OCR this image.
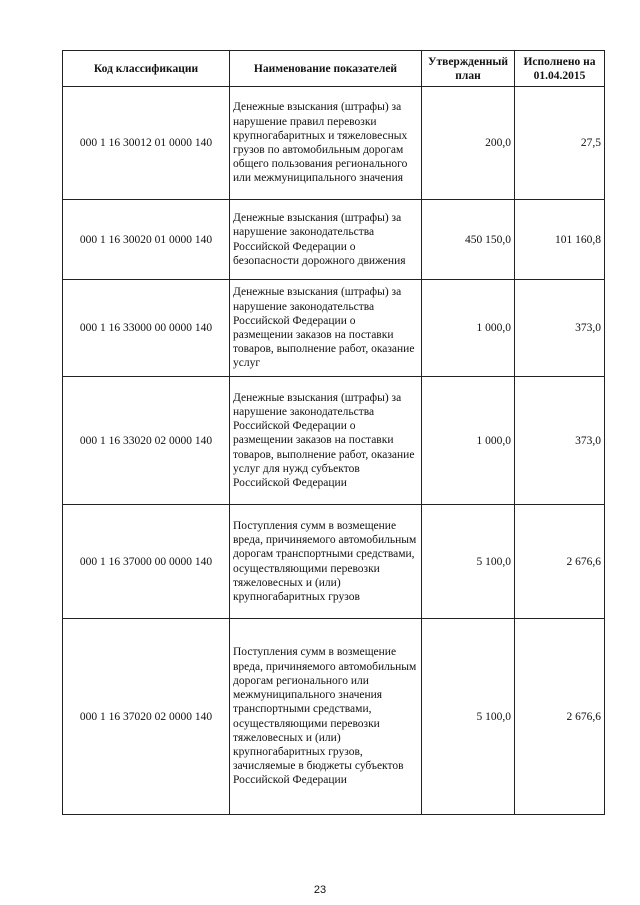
Код классификации	Наименование показателей	Утвержденный план	Исполнено на 01.04.2015
000 1 16 30012 01 0000 140	Денежные взыскания (штрафы) за нарушение правил перевозки крупногабаритных и тяжеловесных грузов по автомобильным дорогам общего пользования регионального или межмуниципального значения	200,0	27,5
000 1 16 30020 01 0000 140	Денежные взыскания (штрафы) за нарушение законодательства Российской Федерации о безопасности дорожного движения	450 150,0	101 160,8
000 1 16 33000 00 0000 140	Денежные взыскания (штрафы) за нарушение законодательства Российской Федерации о размещении заказов на поставки товаров, выполнение работ, оказание услуг	1 000,0	373,0
000 1 16 33020 02 0000 140	Денежные взыскания (штрафы) за нарушение законодательства Российской Федерации о размещении заказов на поставки товаров, выполнение работ, оказание услуг для нужд субъектов Российской Федерации	1 000,0	373,0
000 1 16 37000 00 0000 140	Поступления сумм в возмещение вреда, причиняемого автомобильным дорогам транспортными средствами, осуществляющими перевозки тяжеловесных и (или) крупногабаритных грузов	5 100,0	2 676,6
000 1 16 37020 02 0000 140	Поступления сумм в возмещение вреда, причиняемого автомобильным дорогам регионального или межмуниципального значения транспортными средствами, осуществляющими перевозки тяжеловесных и (или) крупногабаритных грузов, зачисляемые в бюджеты субъектов Российской Федерации	5 100,0	2 676,6
23
